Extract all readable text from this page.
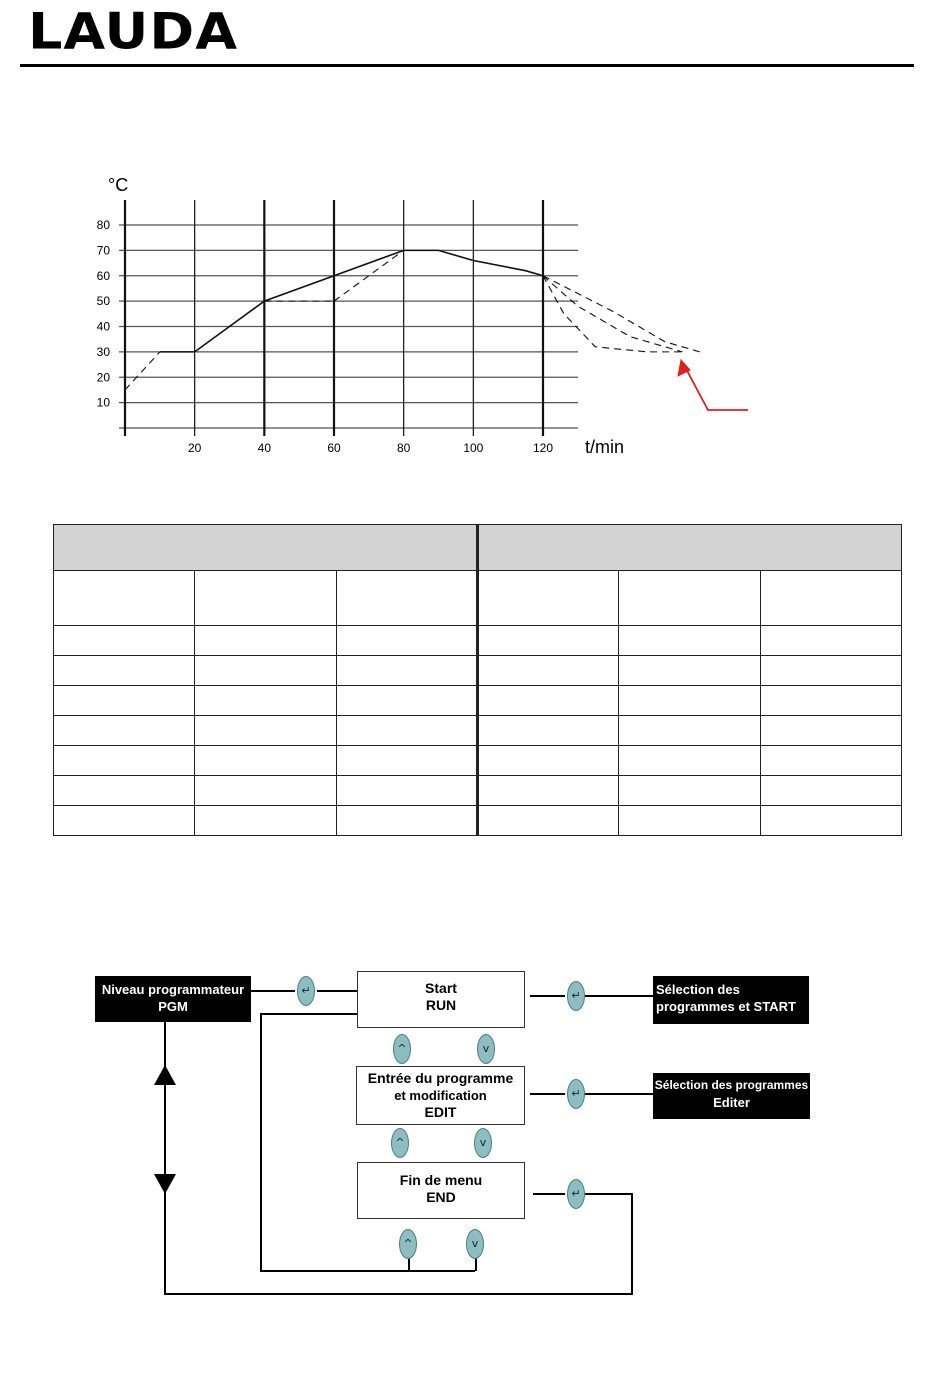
LAUDA
10
20
30
40
50
60
70
80
20	40	60	80	100	120
°C
t/min

Niveau programmateur
PGM
Start
RUN
Entrée du programme
et modification
EDIT
Fin de menu
END
Sélection des
programmes et START
Sélection des programmes
Editer
↵	↵
↵
↵
^	v
^	v
^	v
